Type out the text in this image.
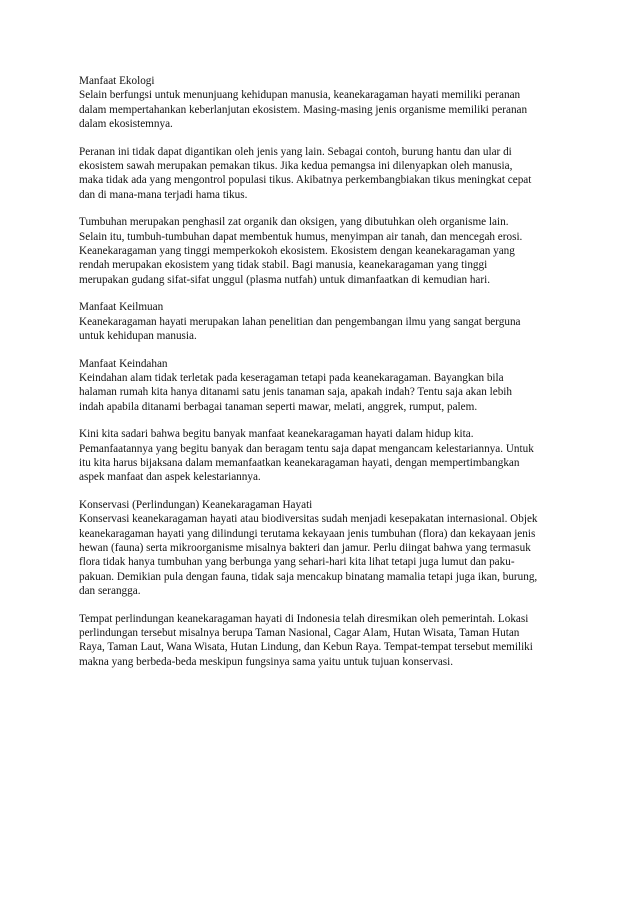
Manfaat Ekologi
Selain berfungsi untuk menunjuang kehidupan manusia, keanekaragaman hayati memiliki peranan
dalam mempertahankan keberlanjutan ekosistem. Masing-masing jenis organisme memiliki peranan
dalam ekosistemnya.
Peranan ini tidak dapat digantikan oleh jenis yang lain. Sebagai contoh, burung hantu dan ular di
ekosistem sawah merupakan pemakan tikus. Jika kedua pemangsa ini dilenyapkan oleh manusia,
maka tidak ada yang mengontrol populasi tikus. Akibatnya perkembangbiakan tikus meningkat cepat
dan di mana-mana terjadi hama tikus.
Tumbuhan merupakan penghasil zat organik dan oksigen, yang dibutuhkan oleh organisme lain.
Selain itu, tumbuh-tumbuhan dapat membentuk humus, menyimpan air tanah, dan mencegah erosi.
Keanekaragaman yang tinggi memperkokoh ekosistem. Ekosistem dengan keanekaragaman yang
rendah merupakan ekosistem yang tidak stabil. Bagi manusia, keanekaragaman yang tinggi
merupakan gudang sifat-sifat unggul (plasma nutfah) untuk dimanfaatkan di kemudian hari.
Manfaat Keilmuan
Keanekaragaman hayati merupakan lahan penelitian dan pengembangan ilmu yang sangat berguna
untuk kehidupan manusia.
Manfaat Keindahan
Keindahan alam tidak terletak pada keseragaman tetapi pada keanekaragaman. Bayangkan bila
halaman rumah kita hanya ditanami satu jenis tanaman saja, apakah indah? Tentu saja akan lebih
indah apabila ditanami berbagai tanaman seperti mawar, melati, anggrek, rumput, palem.
Kini kita sadari bahwa begitu banyak manfaat keanekaragaman hayati dalam hidup kita.
Pemanfaatannya yang begitu banyak dan beragam tentu saja dapat mengancam kelestariannya. Untuk
itu kita harus bijaksana dalam memanfaatkan keanekaragaman hayati, dengan mempertimbangkan
aspek manfaat dan aspek kelestariannya.
Konservasi (Perlindungan) Keanekaragaman Hayati
Konservasi keanekaragaman hayati atau biodiversitas sudah menjadi kesepakatan internasional. Objek
keanekaragaman hayati yang dilindungi terutama kekayaan jenis tumbuhan (flora) dan kekayaan jenis
hewan (fauna) serta mikroorganisme misalnya bakteri dan jamur. Perlu diingat bahwa yang termasuk
flora tidak hanya tumbuhan yang berbunga yang sehari-hari kita lihat tetapi juga lumut dan paku-
pakuan. Demikian pula dengan fauna, tidak saja mencakup binatang mamalia tetapi juga ikan, burung,
dan serangga.
Tempat perlindungan keanekaragaman hayati di Indonesia telah diresmikan oleh pemerintah. Lokasi
perlindungan tersebut misalnya berupa Taman Nasional, Cagar Alam, Hutan Wisata, Taman Hutan
Raya, Taman Laut, Wana Wisata, Hutan Lindung, dan Kebun Raya. Tempat-tempat tersebut memiliki
makna yang berbeda-beda meskipun fungsinya sama yaitu untuk tujuan konservasi.
